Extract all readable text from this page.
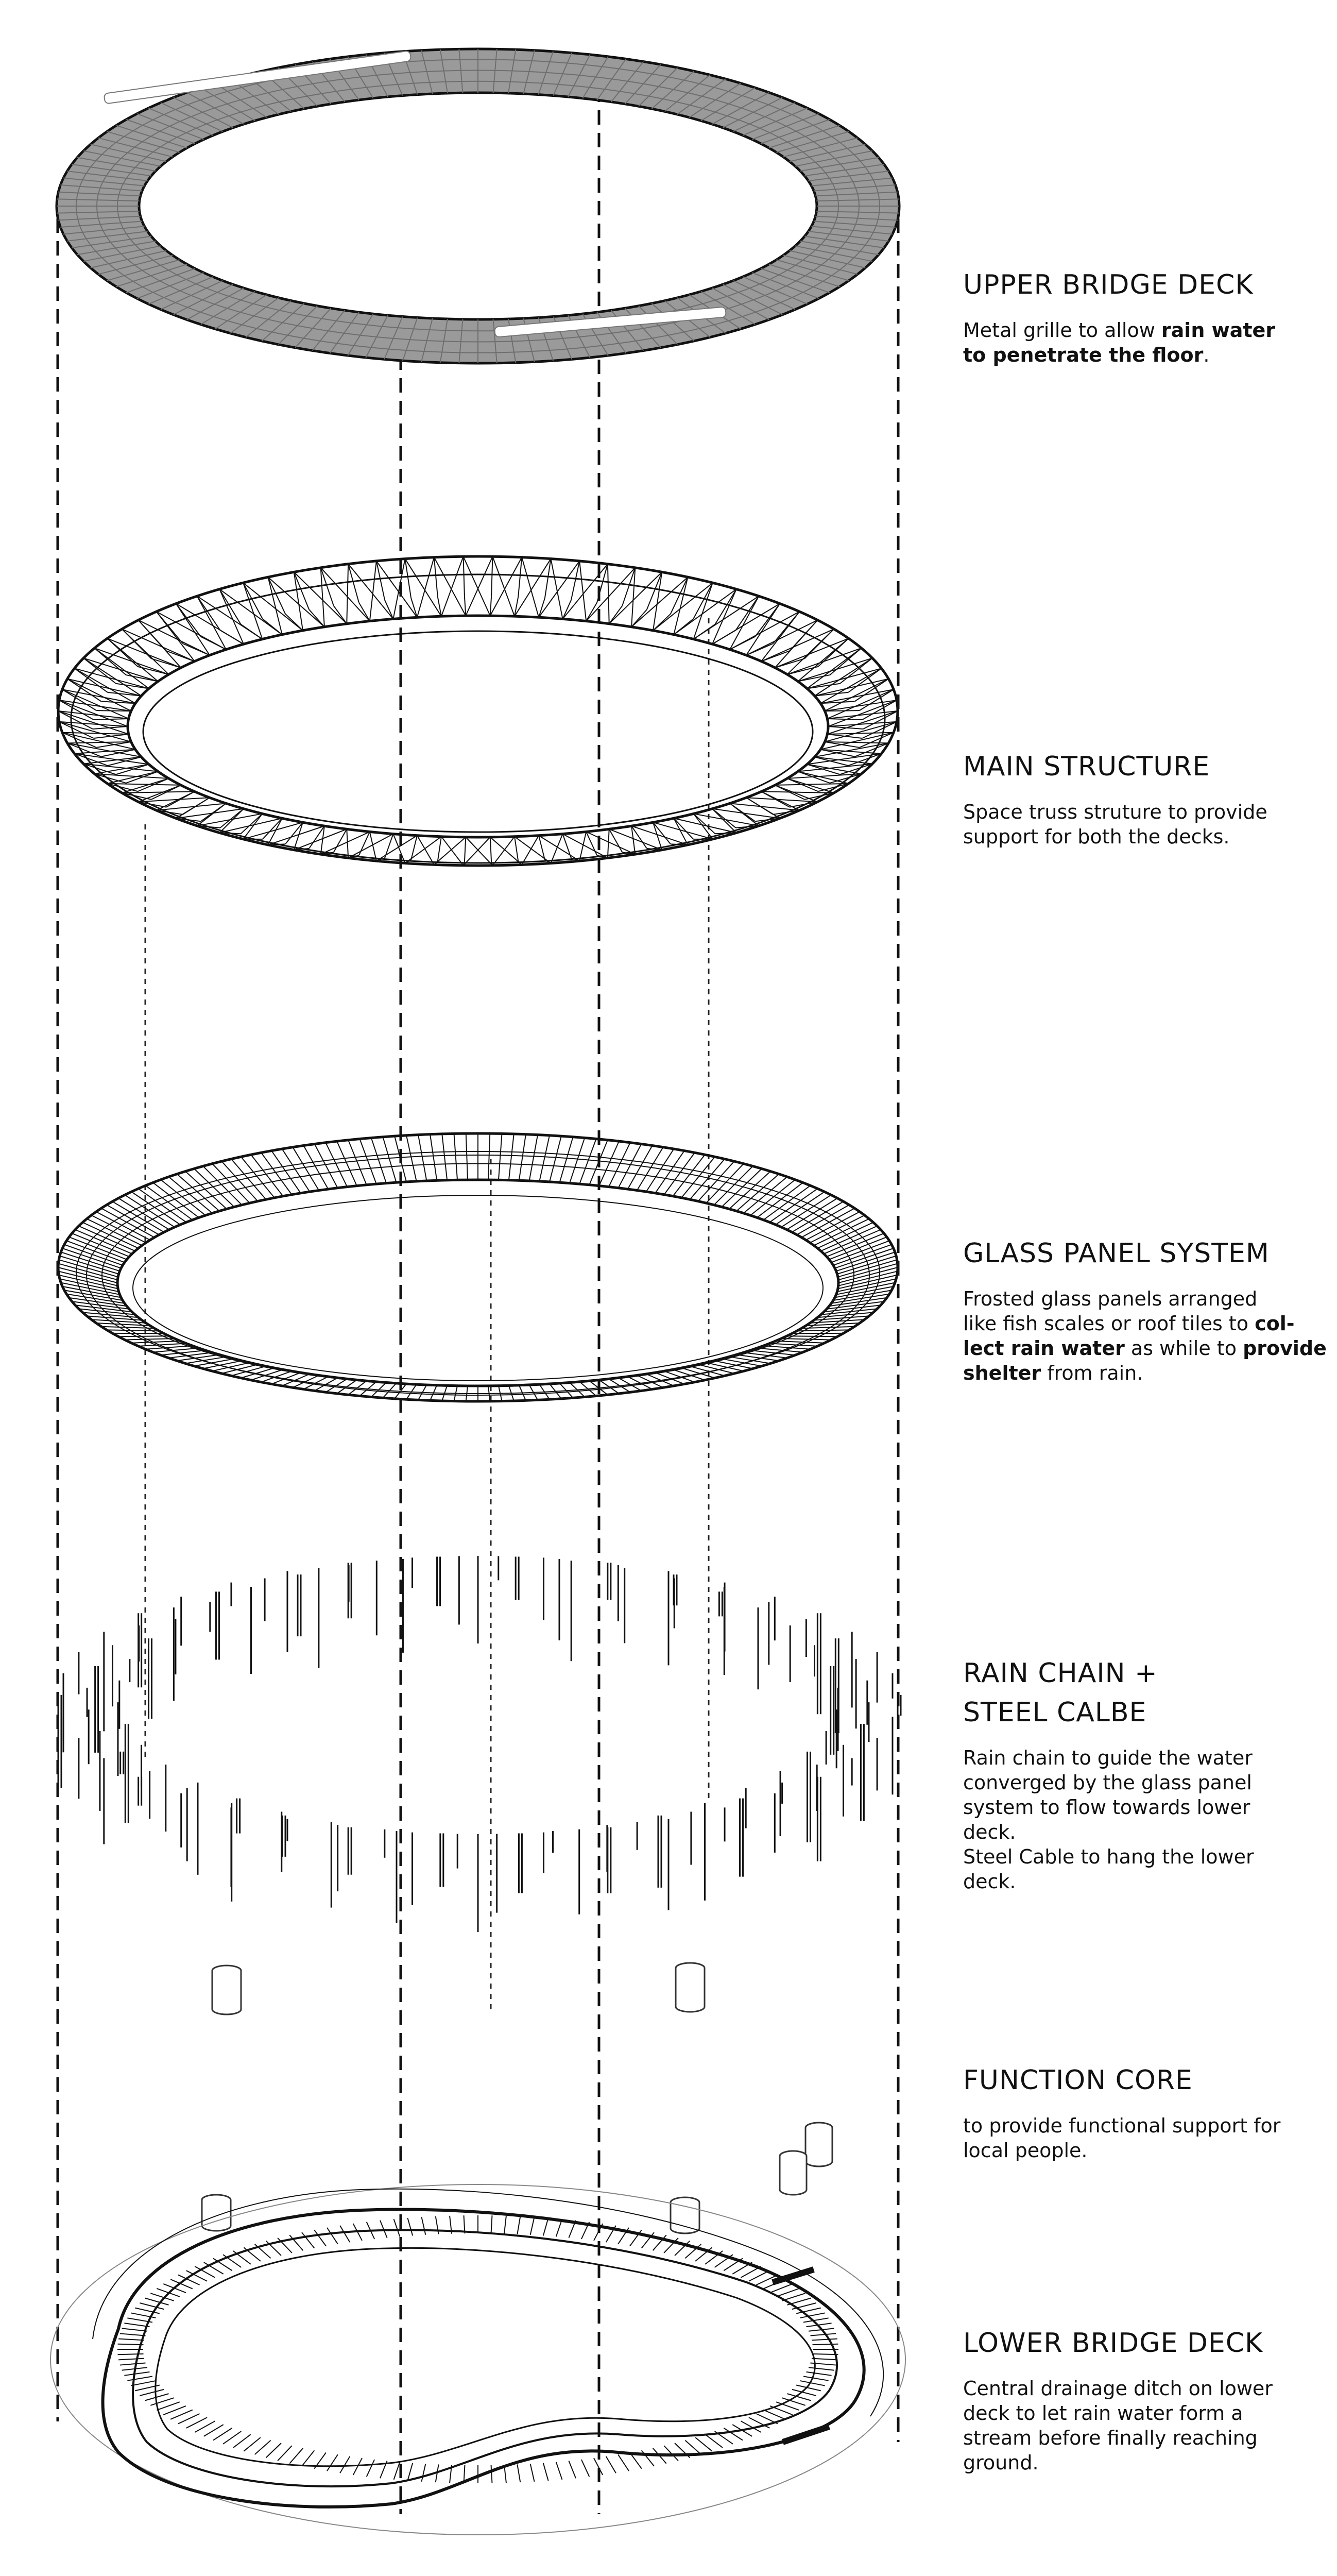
UPPER BRIDGE DECK

Metal grille to allow rain water
to penetrate the floor.

MAIN STRUCTURE

Space truss struture to provide
support for both the decks.

GLASS PANEL SYSTEM

Frosted glass panels arranged
like fish scales or roof tiles to col-
lect rain water as while to provide
shelter from rain.

RAIN CHAIN +
STEEL CALBE

Rain chain to guide the water
converged by the glass panel
system to flow towards lower
deck.
Steel Cable to hang the lower
deck.

FUNCTION CORE

to provide functional support for
local people.

LOWER BRIDGE DECK

Central drainage ditch on lower
deck to let rain water form a
stream before finally reaching
ground.
